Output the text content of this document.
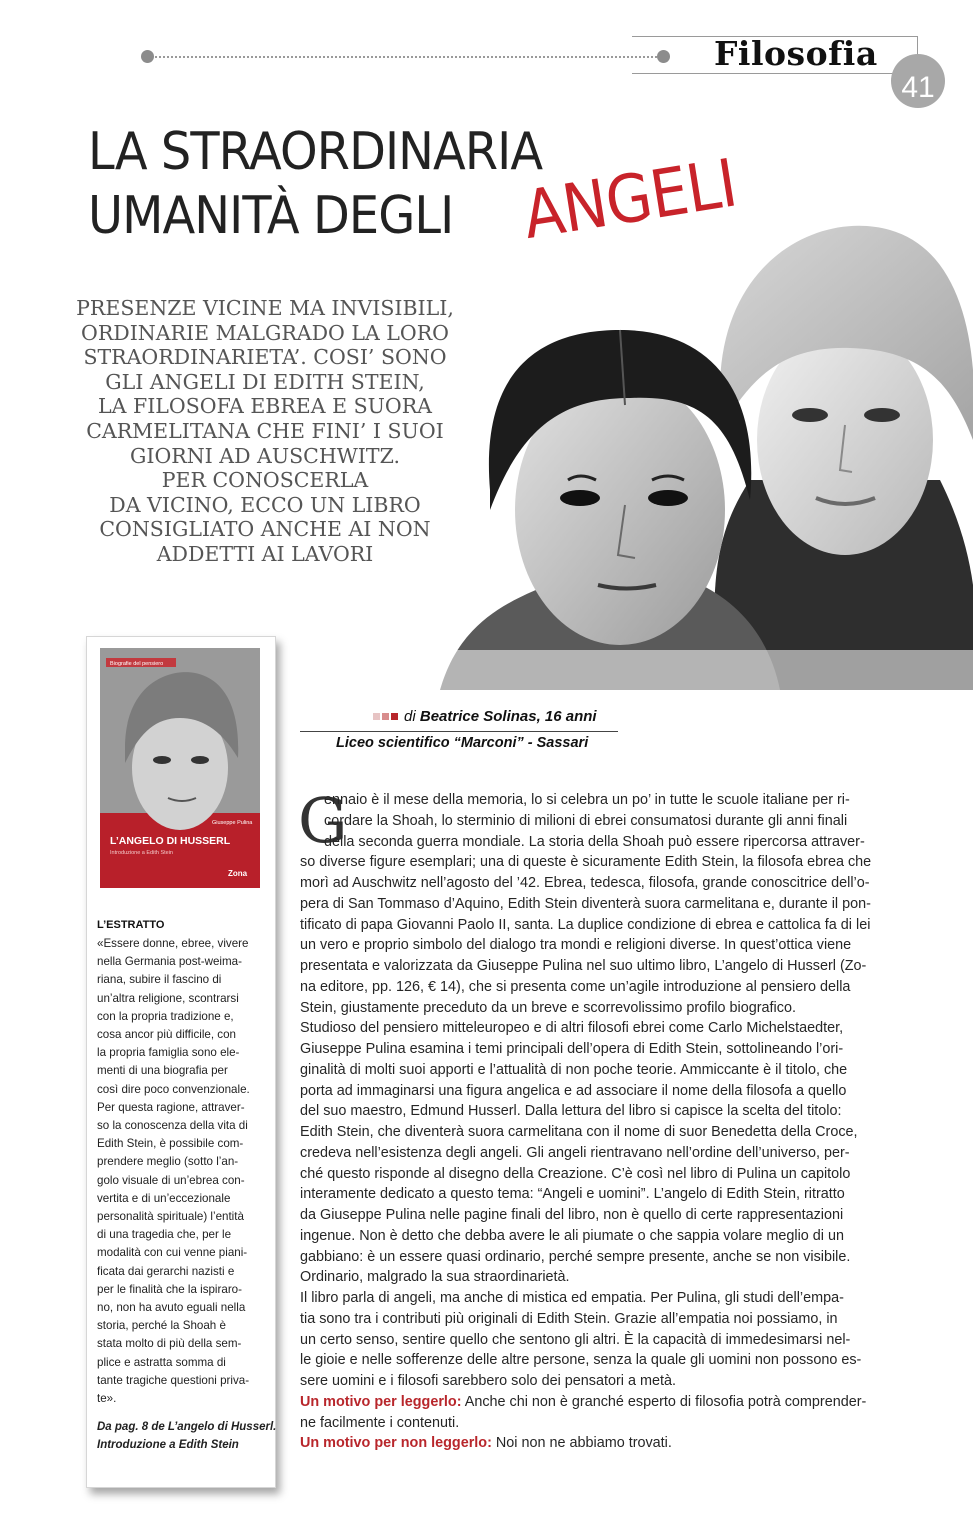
Filosofia
41
LA STRAORDINARIA
UMANITÀ DEGLI ANGELI
PRESENZE VICINE MA INVISIBILI,
ORDINARIE MALGRADO LA LORO
STRAORDINARIETA’. COSI’ SONO
GLI ANGELI DI EDITH STEIN,
LA FILOSOFA EBREA E SUORA
CARMELITANA CHE FINI’ I SUOI
GIORNI AD AUSCHWITZ.
PER CONOSCERLA
DA VICINO, ECCO UN LIBRO
CONSIGLIATO ANCHE AI NON
ADDETTI AI LAVORI
Biografie del pensiero
Giuseppe Pulina
L’ANGELO DI HUSSERL
Introduzione a Edith Stein
Zona
L’ESTRATTO
«Essere donne, ebree, vivere
nella Germania post-weima-
riana, subire il fascino di
un’altra religione, scontrarsi
con la propria tradizione e,
cosa ancor più difficile, con
la propria famiglia sono ele-
menti di una biografia per
così dire poco convenzionale.
Per questa ragione, attraver-
so la conoscenza della vita di
Edith Stein, è possibile com-
prendere meglio (sotto l’an-
golo visuale di un’ebrea con-
vertita e di un’eccezionale
personalità spirituale) l’entità
di una tragedia che, per le
modalità con cui venne piani-
ficata dai gerarchi nazisti e
per le finalità che la ispiraro-
no, non ha avuto eguali nella
storia, perché la Shoah è
stata molto di più della sem-
plice e astratta somma di
tante tragiche questioni priva-
te».
Da pag. 8 de L’angelo di Husserl.
Introduzione a Edith Stein
di Beatrice Solinas, 16 anni
Liceo scientifico “Marconi” - Sassari
G
ennaio è il mese della memoria, lo si celebra un po’ in tutte le scuole italiane per ri-
cordare la Shoah, lo sterminio di milioni di ebrei consumatosi durante gli anni finali
della seconda guerra mondiale. La storia della Shoah può essere ripercorsa attraver-
so diverse figure esemplari; una di queste è sicuramente Edith Stein, la filosofa ebrea che
morì ad Auschwitz nell’agosto del ’42. Ebrea, tedesca, filosofa, grande conoscitrice dell’o-
pera di San Tommaso d’Aquino, Edith Stein diventerà suora carmelitana e, durante il pon-
tificato di papa Giovanni Paolo II, santa. La duplice condizione di ebrea e cattolica fa di lei
un vero e proprio simbolo del dialogo tra mondi e religioni diverse. In quest’ottica viene
presentata e valorizzata da Giuseppe Pulina nel suo ultimo libro, L’angelo di Husserl (Zo-
na editore, pp. 126, € 14), che si presenta come un’agile introduzione al pensiero della
Stein, giustamente preceduto da un breve e scorrevolissimo profilo biografico.
Studioso del pensiero mitteleuropeo e di altri filosofi ebrei come Carlo Michelstaedter,
Giuseppe Pulina esamina i temi principali dell’opera di Edith Stein, sottolineando l’ori-
ginalità di molti suoi apporti e l’attualità di non poche teorie. Ammiccante è il titolo, che
porta ad immaginarsi una figura angelica e ad associare il nome della filosofa a quello
del suo maestro, Edmund Husserl. Dalla lettura del libro si capisce la scelta del titolo:
Edith Stein, che diventerà suora carmelitana con il nome di suor Benedetta della Croce,
credeva nell’esistenza degli angeli. Gli angeli rientravano nell’ordine dell’universo, per-
ché questo risponde al disegno della Creazione. C’è così nel libro di Pulina un capitolo
interamente dedicato a questo tema: “Angeli e uomini”. L’angelo di Edith Stein, ritratto
da Giuseppe Pulina nelle pagine finali del libro, non è quello di certe rappresentazioni
ingenue. Non è detto che debba avere le ali piumate o che sappia volare meglio di un
gabbiano: è un essere quasi ordinario, perché sempre presente, anche se non visibile.
Ordinario, malgrado la sua straordinarietà.
Il libro parla di angeli, ma anche di mistica ed empatia. Per Pulina, gli studi dell’empa-
tia sono tra i contributi più originali di Edith Stein. Grazie all’empatia noi possiamo, in
un certo senso, sentire quello che sentono gli altri. È la capacità di immedesimarsi nel-
le gioie e nelle sofferenze delle altre persone, senza la quale gli uomini non possono es-
sere uomini e i filosofi sarebbero solo dei pensatori a metà.
Un motivo per leggerlo: Anche chi non è granché esperto di filosofia potrà comprender-
ne facilmente i contenuti.
Un motivo per non leggerlo: Noi non ne abbiamo trovati.
